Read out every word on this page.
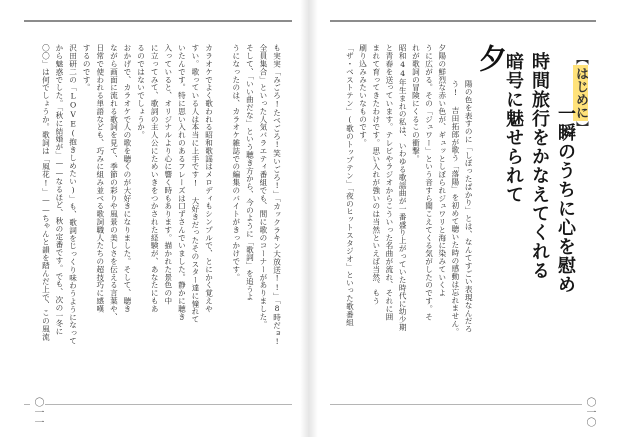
〇一一
も実実「みごろ!たべごろ!笑いごろ!」「カックラキン大放送!!」「8時だョ!
全員集合」といった人気バラエティ番組でも、間に歌のコーナーがありました。
そして、「いい曲だな」という聴き方から、今のように「歌詞」を追うよ
うになったのは、カラオケ雑誌での編集のバイトがきっかけです。
カラオケでよく歌われる昭和歌謡はメロディもシンプルで、とにかく覚えや
すい。歌っている人は本当に上手です! 大好きだったそのスター達に憧れて
いたんです。特に思い入れのあるフレーズは口ずさんでいました。静かに聴き
入っていると、オリジナルより心に響く時もあります。描かれた景色の中
に立ってみて、歌詞の主人公にためいきをつかされた経験が、あなたにもあ
るのではないでしょうか。
おかげで、カラオケで人の歌を聴くのが大好きになりました。そして、聴き
ながら画面に流れる歌詞を見て、季節の彩りや風景の美しさを伝える言葉や、
日常で使われる単語なども、巧みに組み並べる歌詞職人たちの超技巧に感嘆
するのです。
沢田研二の「LOVE(抱きしめたい)」も、歌詞をじっくり味わうようになって
から魅惑でした。「秋に結婚が」——なるほど、秋の定番です。でも、次の一冬に
〇〇」は何でしょうか。歌詞は「風花!」——ちゃんと韻を踏んだ上で、この風流
〇一〇
【はじめに】
一瞬のうちに心を慰め
時間旅行をかなえてくれる
暗号に魅せられて
夕
陽の色を表すのに「しぼったばかり」とは、なんてすごい表現なんだろ
う! 吉田拓郎が歌う「落陽」を初めて聴いた時の感動は忘れません。
夕陽の鮮烈な赤い色が、ギュッとしぼられジュワリと海に染みていくよ
うに広がる。その「ジュワー」という音すら聞こえてくる気がしたのです。そ
れが歌詞の冒険にくるこの衝撃。
昭和44年生まれの私は、いわゆる歌謡曲が一番盛り上がっていた時代に幼少期
と青春を送っています。テレビやラジオからこういった名曲が流れ、それに囲
まれて育ってきたわけです。思い入れが強いのは当然といえば当然、もう
刷り込みみたいなものです。
「ザ・ベストテン」(歌のトップテン」「夜のヒットスタジオ」といった歌番組
